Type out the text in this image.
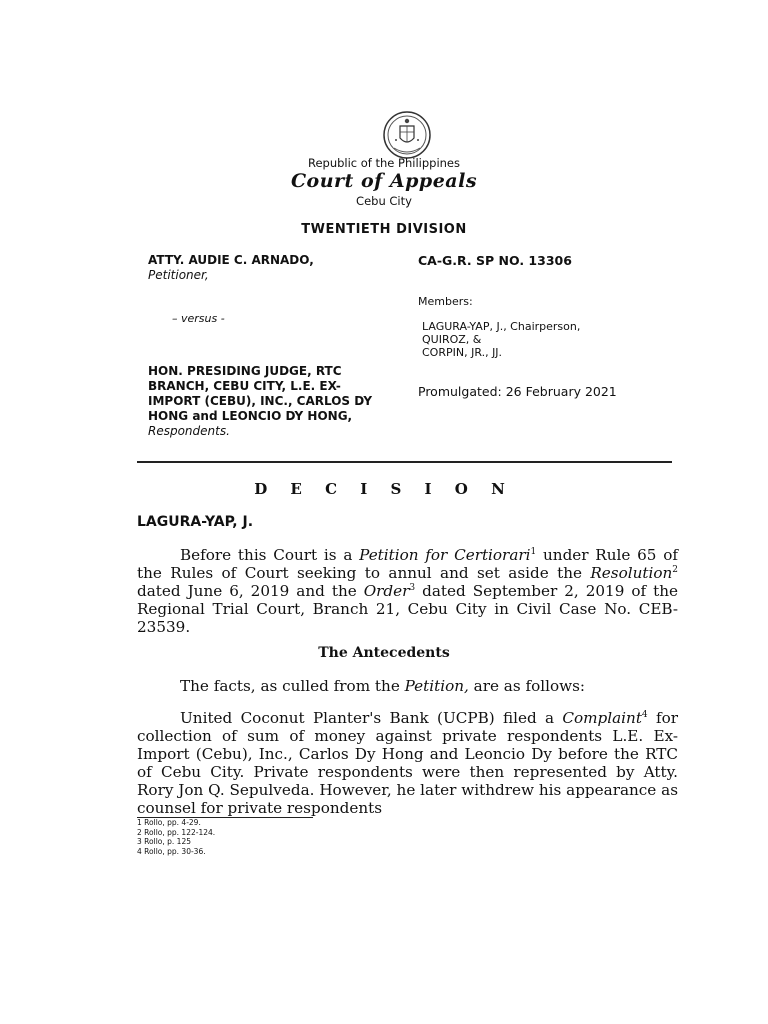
Republic of the Philippines
Court of Appeals
Cebu City
TWENTIETH DIVISION
ATTY. AUDIE C. ARNADO,
Petitioner,
– versus -
HON. PRESIDING JUDGE, RTC BRANCH, CEBU CITY, L.E. EX-IMPORT (CEBU), INC., CARLOS DY HONG and LEONCIO DY HONG,
Respondents.
CA-G.R. SP NO. 13306
Members:
LAGURA-YAP, J., Chairperson,
QUIROZ, &
CORPIN, JR., JJ.
Promulgated: 26 February 2021
D E C I S I O N
LAGURA-YAP, J.
Before this Court is a Petition for Certiorari$^1$ under Rule 65 of the Rules of Court seeking to annul and set aside the Resolution$^2$ dated June 6, 2019 and the Order$^3$ dated September 2, 2019 of the Regional Trial Court, Branch 21, Cebu City in Civil Case No. CEB-23539.
The Antecedents
The facts, as culled from the Petition, are as follows:
United Coconut Planter's Bank (UCPB) filed a Complaint$^4$ for collection of sum of money against private respondents L.E. Ex-Import (Cebu), Inc., Carlos Dy Hong and Leoncio Dy before the RTC of Cebu City. Private respondents were then represented by Atty. Rory Jon Q. Sepulveda. However, he later withdrew his appearance as counsel for private respondents
1 Rollo, pp. 4-29.
2 Rollo, pp. 122-124.
3 Rollo, p. 125
4 Rollo, pp. 30-36.
